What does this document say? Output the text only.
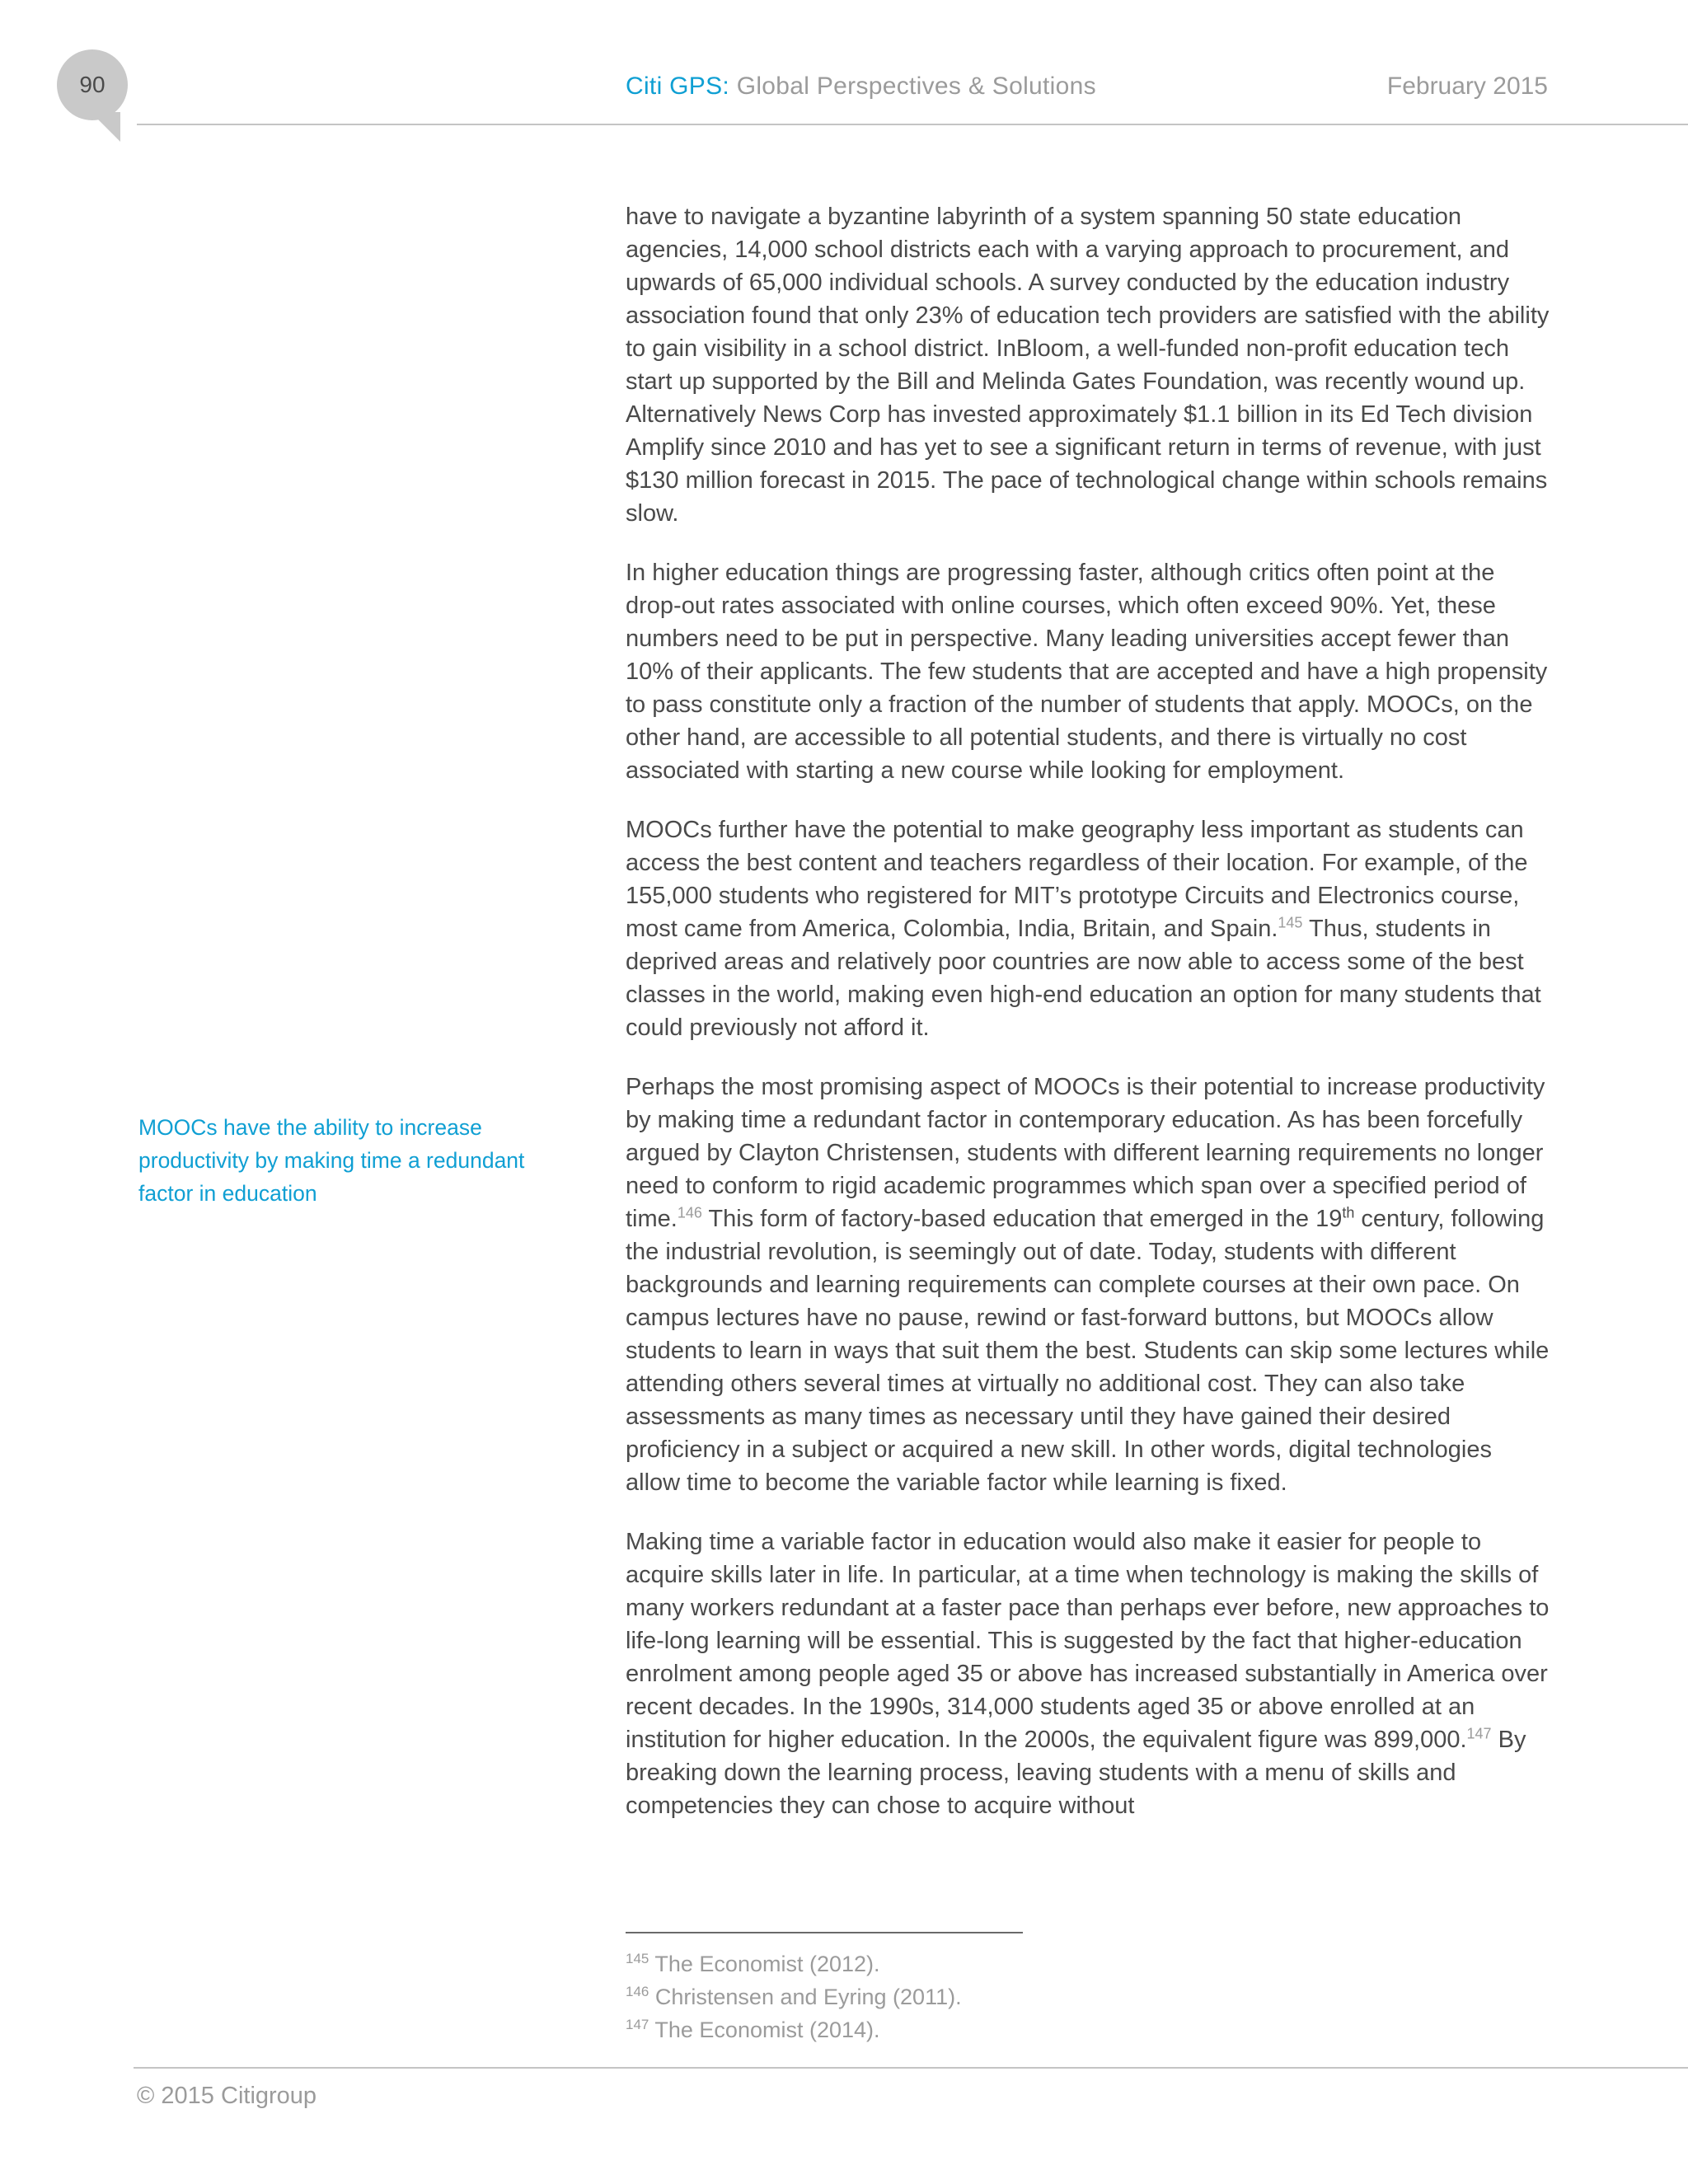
90	Citi GPS: Global Perspectives & Solutions	February 2015
MOOCs have the ability to increase productivity by making time a redundant factor in education

have to navigate a byzantine labyrinth of a system spanning 50 state education agencies, 14,000 school districts each with a varying approach to procurement, and upwards of 65,000 individual schools. A survey conducted by the education industry association found that only 23% of education tech providers are satisfied with the ability to gain visibility in a school district. InBloom, a well-funded non-profit education tech start up supported by the Bill and Melinda Gates Foundation, was recently wound up. Alternatively News Corp has invested approximately $1.1 billion in its Ed Tech division Amplify since 2010 and has yet to see a significant return in terms of revenue, with just $130 million forecast in 2015. The pace of technological change within schools remains slow.

In higher education things are progressing faster, although critics often point at the drop-out rates associated with online courses, which often exceed 90%. Yet, these numbers need to be put in perspective. Many leading universities accept fewer than 10% of their applicants. The few students that are accepted and have a high propensity to pass constitute only a fraction of the number of students that apply. MOOCs, on the other hand, are accessible to all potential students, and there is virtually no cost associated with starting a new course while looking for employment.

MOOCs further have the potential to make geography less important as students can access the best content and teachers regardless of their location. For example, of the 155,000 students who registered for MIT’s prototype Circuits and Electronics course, most came from America, Colombia, India, Britain, and Spain.$^{145}$ Thus, students in deprived areas and relatively poor countries are now able to access some of the best classes in the world, making even high-end education an option for many students that could previously not afford it.

Perhaps the most promising aspect of MOOCs is their potential to increase productivity by making time a redundant factor in contemporary education. As has been forcefully argued by Clayton Christensen, students with different learning requirements no longer need to conform to rigid academic programmes which span over a specified period of time.$^{146}$ This form of factory-based education that emerged in the 19th century, following the industrial revolution, is seemingly out of date. Today, students with different backgrounds and learning requirements can complete courses at their own pace. On campus lectures have no pause, rewind or fast-forward buttons, but MOOCs allow students to learn in ways that suit them the best. Students can skip some lectures while attending others several times at virtually no additional cost. They can also take assessments as many times as necessary until they have gained their desired proficiency in a subject or acquired a new skill. In other words, digital technologies allow time to become the variable factor while learning is fixed.

Making time a variable factor in education would also make it easier for people to acquire skills later in life. In particular, at a time when technology is making the skills of many workers redundant at a faster pace than perhaps ever before, new approaches to life-long learning will be essential. This is suggested by the fact that higher-education enrolment among people aged 35 or above has increased substantially in America over recent decades. In the 1990s, 314,000 students aged 35 or above enrolled at an institution for higher education. In the 2000s, the equivalent figure was 899,000.$^{147}$ By breaking down the learning process, leaving students with a menu of skills and competencies they can chose to acquire without

$^{145}$ The Economist (2012).
$^{146}$ Christensen and Eyring (2011).
$^{147}$ The Economist (2014).
© 2015 Citigroup
